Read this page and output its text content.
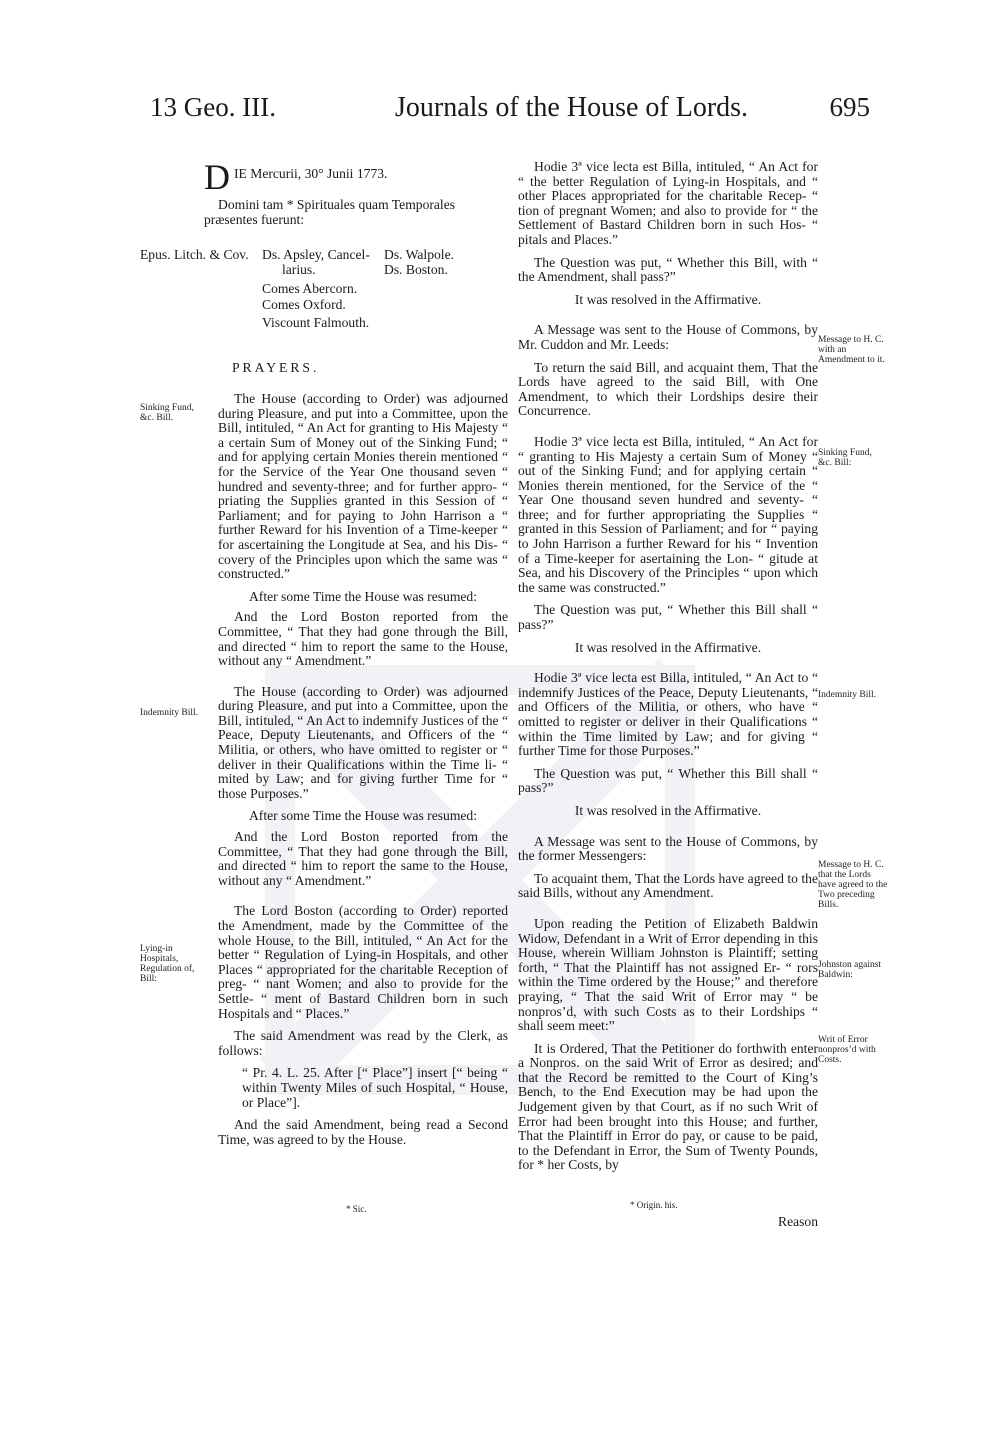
13 Geo. III.	Journals of the House of Lords.	695
D IE Mercurii, 30° Junii 1773.
Domini tam * Spirituales quam Temporales præsentes fuerunt:
Epus. Litch. & Cov. Ds. Apsley, Cancel-
larius.
Ds. Walpole.
Ds. Boston.
Comes Abercorn.
Comes Oxford.
Viscount Falmouth.
PRAYERS.

The House (according to Order) was adjourned during Pleasure, and put into a Committee, upon the Bill, intituled, “ An Act for granting to His Majesty “ a certain Sum of Money out of the Sinking Fund; “ and for applying certain Monies therein mentioned “ for the Service of the Year One thousand seven “ hundred and seventy-three; and for further appro- “ priating the Supplies granted in this Session of “ Parliament; and for paying to John Harrison a “ further Reward for his Invention of a Time-keeper “ for ascertaining the Longitude at Sea, and his Dis- “ covery of the Principles upon which the same was “ constructed.”

After some Time the House was resumed:

And the Lord Boston reported from the Committee, “ That they had gone through the Bill, and directed “ him to report the same to the House, without any “ Amendment.”

The House (according to Order) was adjourned during Pleasure, and put into a Committee, upon the Bill, intituled, “ An Act to indemnify Justices of the “ Peace, Deputy Lieutenants, and Officers of the “ Militia, or others, who have omitted to register or “ deliver in their Qualifications within the Time li- “ mited by Law; and for giving further Time for “ those Purposes.”

After some Time the House was resumed:

And the Lord Boston reported from the Committee, “ That they had gone through the Bill, and directed “ him to report the same to the House, without any “ Amendment.”

The Lord Boston (according to Order) reported the Amendment, made by the Committee of the whole House, to the Bill, intituled, “ An Act for the better “ Regulation of Lying-in Hospitals, and other Places “ appropriated for the charitable Reception of preg- “ nant Women; and also to provide for the Settle- “ ment of Bastard Children born in such Hospitals and “ Places.”

The said Amendment was read by the Clerk, as follows:

“ Pr. 4. L. 25. After [“ Place”] insert [“ being “ within Twenty Miles of such Hospital, “ House, or Place”].

And the said Amendment, being read a Second Time, was agreed to by the House.

* Sic.

Hodie 3ª vice lecta est Billa, intituled, “ An Act for “ the better Regulation of Lying-in Hospitals, and “ other Places appropriated for the charitable Recep- “ tion of pregnant Women; and also to provide for “ the Settlement of Bastard Children born in such Hos- “ pitals and Places.”

The Question was put, “ Whether this Bill, with “ the Amendment, shall pass?”

It was resolved in the Affirmative.

A Message was sent to the House of Commons, by Mr. Cuddon and Mr. Leeds:

To return the said Bill, and acquaint them, That the Lords have agreed to the said Bill, with One Amendment, to which their Lordships desire their Concurrence.

Hodie 3ª vice lecta est Billa, intituled, “ An Act for “ granting to His Majesty a certain Sum of Money “ out of the Sinking Fund; and for applying certain “ Monies therein mentioned, for the Service of the “ Year One thousand seven hundred and seventy- “ three; and for further appropriating the Supplies “ granted in this Session of Parliament; and for “ paying to John Harrison a further Reward for his “ Invention of a Time-keeper for asertaining the Lon- “ gitude at Sea, and his Discovery of the Principles “ upon which the same was constructed.”

The Question was put, “ Whether this Bill shall “ pass?”

It was resolved in the Affirmative.

Hodie 3ª vice lecta est Billa, intituled, “ An Act to “ indemnify Justices of the Peace, Deputy Lieutenants, “ and Officers of the Militia, or others, who have “ omitted to register or deliver in their Qualifications “ within the Time limited by Law; and for giving “ further Time for those Purposes.”

The Question was put, “ Whether this Bill shall “ pass?”

It was resolved in the Affirmative.

A Message was sent to the House of Commons, by the former Messengers:

To acquaint them, That the Lords have agreed to the said Bills, without any Amendment.

Upon reading the Petition of Elizabeth Baldwin Widow, Defendant in a Writ of Error depending in this House, wherein William Johnston is Plaintiff; setting forth, “ That the Plaintiff has not assigned Er- “ rors within the Time ordered by the House;” and therefore praying, “ That the said Writ of Error may “ be nonpros’d, with such Costs as to their Lordships “ shall seem meet:”

It is Ordered, That the Petitioner do forthwith enter a Nonpros. on the said Writ of Error as desired; and that the Record be remitted to the Court of King’s Bench, to the End Execution may be had upon the Judgement given by that Court, as if no such Writ of Error had been brought into this House; and further, That the Plaintiff in Error do pay, or cause to be paid, to the Defendant in Error, the Sum of Twenty Pounds, for * her Costs, by

* Origin. his.
Reason
Sinking Fund, &c. Bill.
Indemnity Bill.
Lying-in Hospitals, Regulation of, Bill:
Message to H. C. with an Amendment to it.
Sinking Fund, &c. Bill:
Indemnity Bill.
Message to H. C. that the Lords have agreed to the Two preceding Bills.
Johnston against Baldwin:
Writ of Error nonpros’d with Costs.
